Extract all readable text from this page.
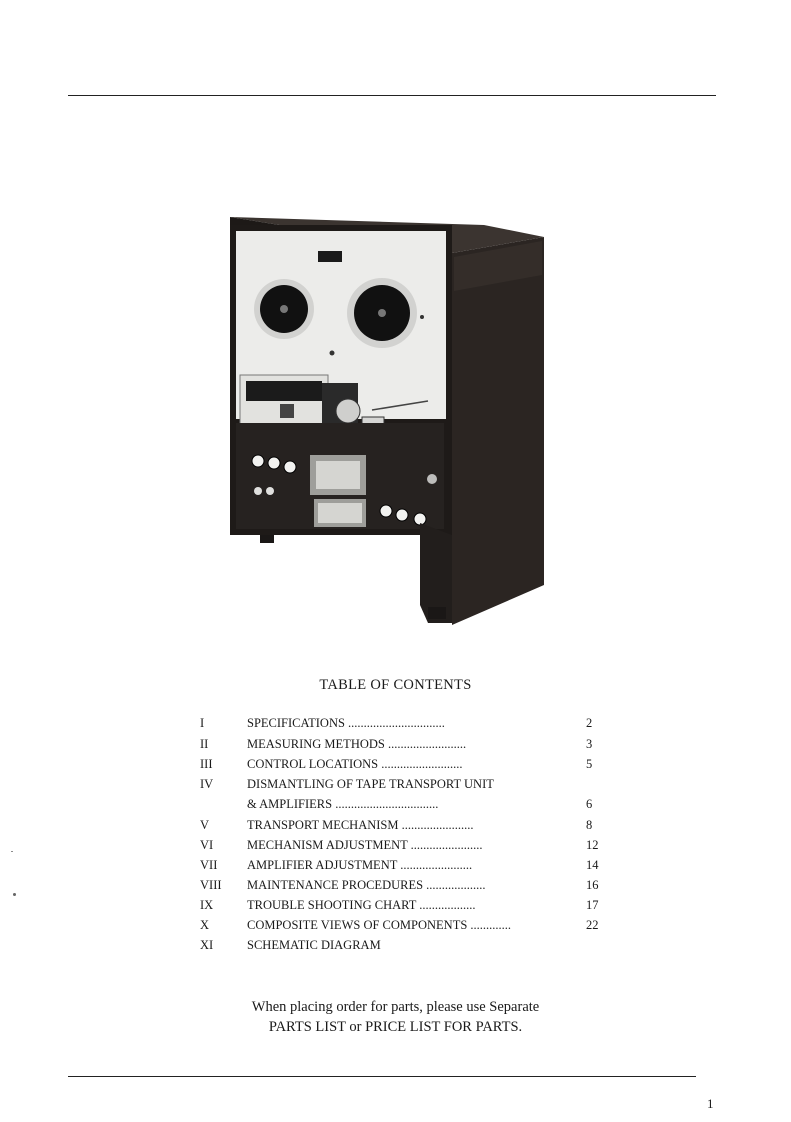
TABLE OF CONTENTS
I	SPECIFICATIONS ...............................	2
II	MEASURING METHODS .........................	3
III	CONTROL LOCATIONS ..........................	5
IV	DISMANTLING OF TAPE TRANSPORT UNIT
& AMPLIFIERS .................................	6
V	TRANSPORT MECHANISM .......................	8
VI	MECHANISM ADJUSTMENT .......................	12
VII AMPLIFIER ADJUSTMENT .......................	14
VIII MAINTENANCE PROCEDURES ...................	16
IX	TROUBLE SHOOTING CHART ..................	17
X	COMPOSITE VIEWS OF COMPONENTS .............	22
XI	SCHEMATIC DIAGRAM
When placing order for parts, please use Separate
PARTS LIST or PRICE LIST FOR PARTS.
1
